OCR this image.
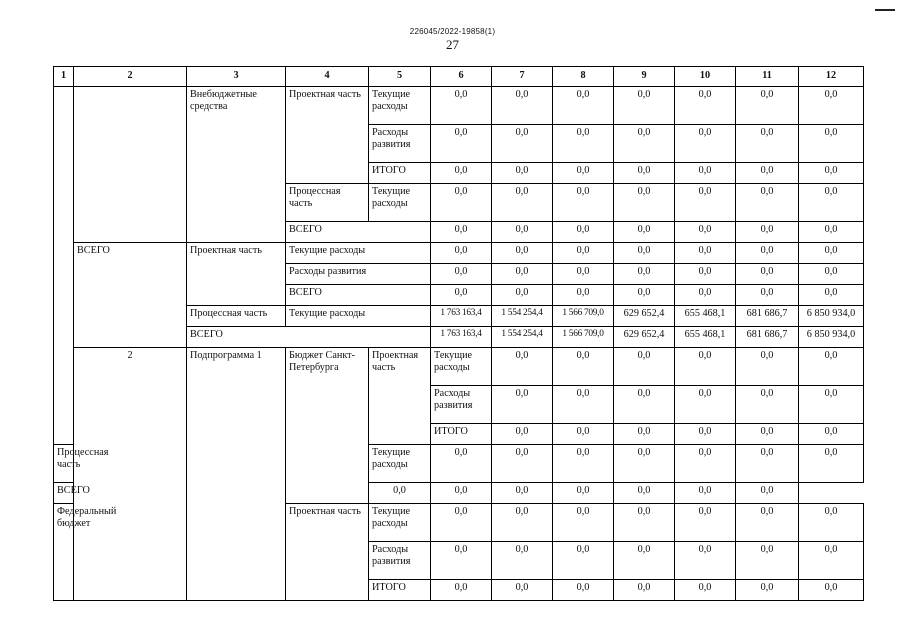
226045/2022-19858(1)
27
1	2	3	4	5	6	7	8	9	10	11	12	
		Внебюджетные средства	Проектная часть	Текущие расходы	0,0	0,0	0,0	0,0	0,0	0,0	0,0	
				Расходы развития	0,0	0,0	0,0	0,0	0,0	0,0	0,0	
				ИТОГО	0,0	0,0	0,0	0,0	0,0	0,0	0,0	
			Процессная часть	Текущие расходы	0,0	0,0	0,0	0,0	0,0	0,0	0,0	
			ВСЕГО		0,0	0,0	0,0	0,0	0,0	0,0	0,0	
	ВСЕГО	Проектная часть	Текущие расходы		0,0	0,0	0,0	0,0	0,0	0,0	0,0	
			Расходы развития		0,0	0,0	0,0	0,0	0,0	0,0	0,0	
			ВСЕГО		0,0	0,0	0,0	0,0	0,0	0,0	0,0	
		Процессная часть	Текущие расходы		1 763 163,4	1 554 254,4	1 566 709,0	629 652,4	655 468,1	681 686,7	6 850 934,0	
		ВСЕГО			1 763 163,4	1 554 254,4	1 566 709,0	629 652,4	655 468,1	681 686,7	6 850 934,0	
	2	Подпрограмма 1	Бюджет Санкт-Петербурга	Проектная часть	Текущие расходы	0,0	0,0	0,0	0,0	0,0	0,0	
					Расходы развития	0,0	0,0	0,0	0,0	0,0	0,0	
					ИТОГО	0,0	0,0	0,0	0,0	0,0	0,0	
Процессная часть				Текущие расходы	0,0	0,0	0,0	0,0	0,0	0,0	0,0	
ВСЕГО				0,0	0,0	0,0	0,0	0,0	0,0	0,0		
Федеральный бюджет			Проектная часть	Текущие расходы	0,0	0,0	0,0	0,0	0,0	0,0	0,0	
				Расходы развития	0,0	0,0	0,0	0,0	0,0	0,0	0,0	
				ИТОГО	0,0	0,0	0,0	0,0	0,0	0,0	0,0	
